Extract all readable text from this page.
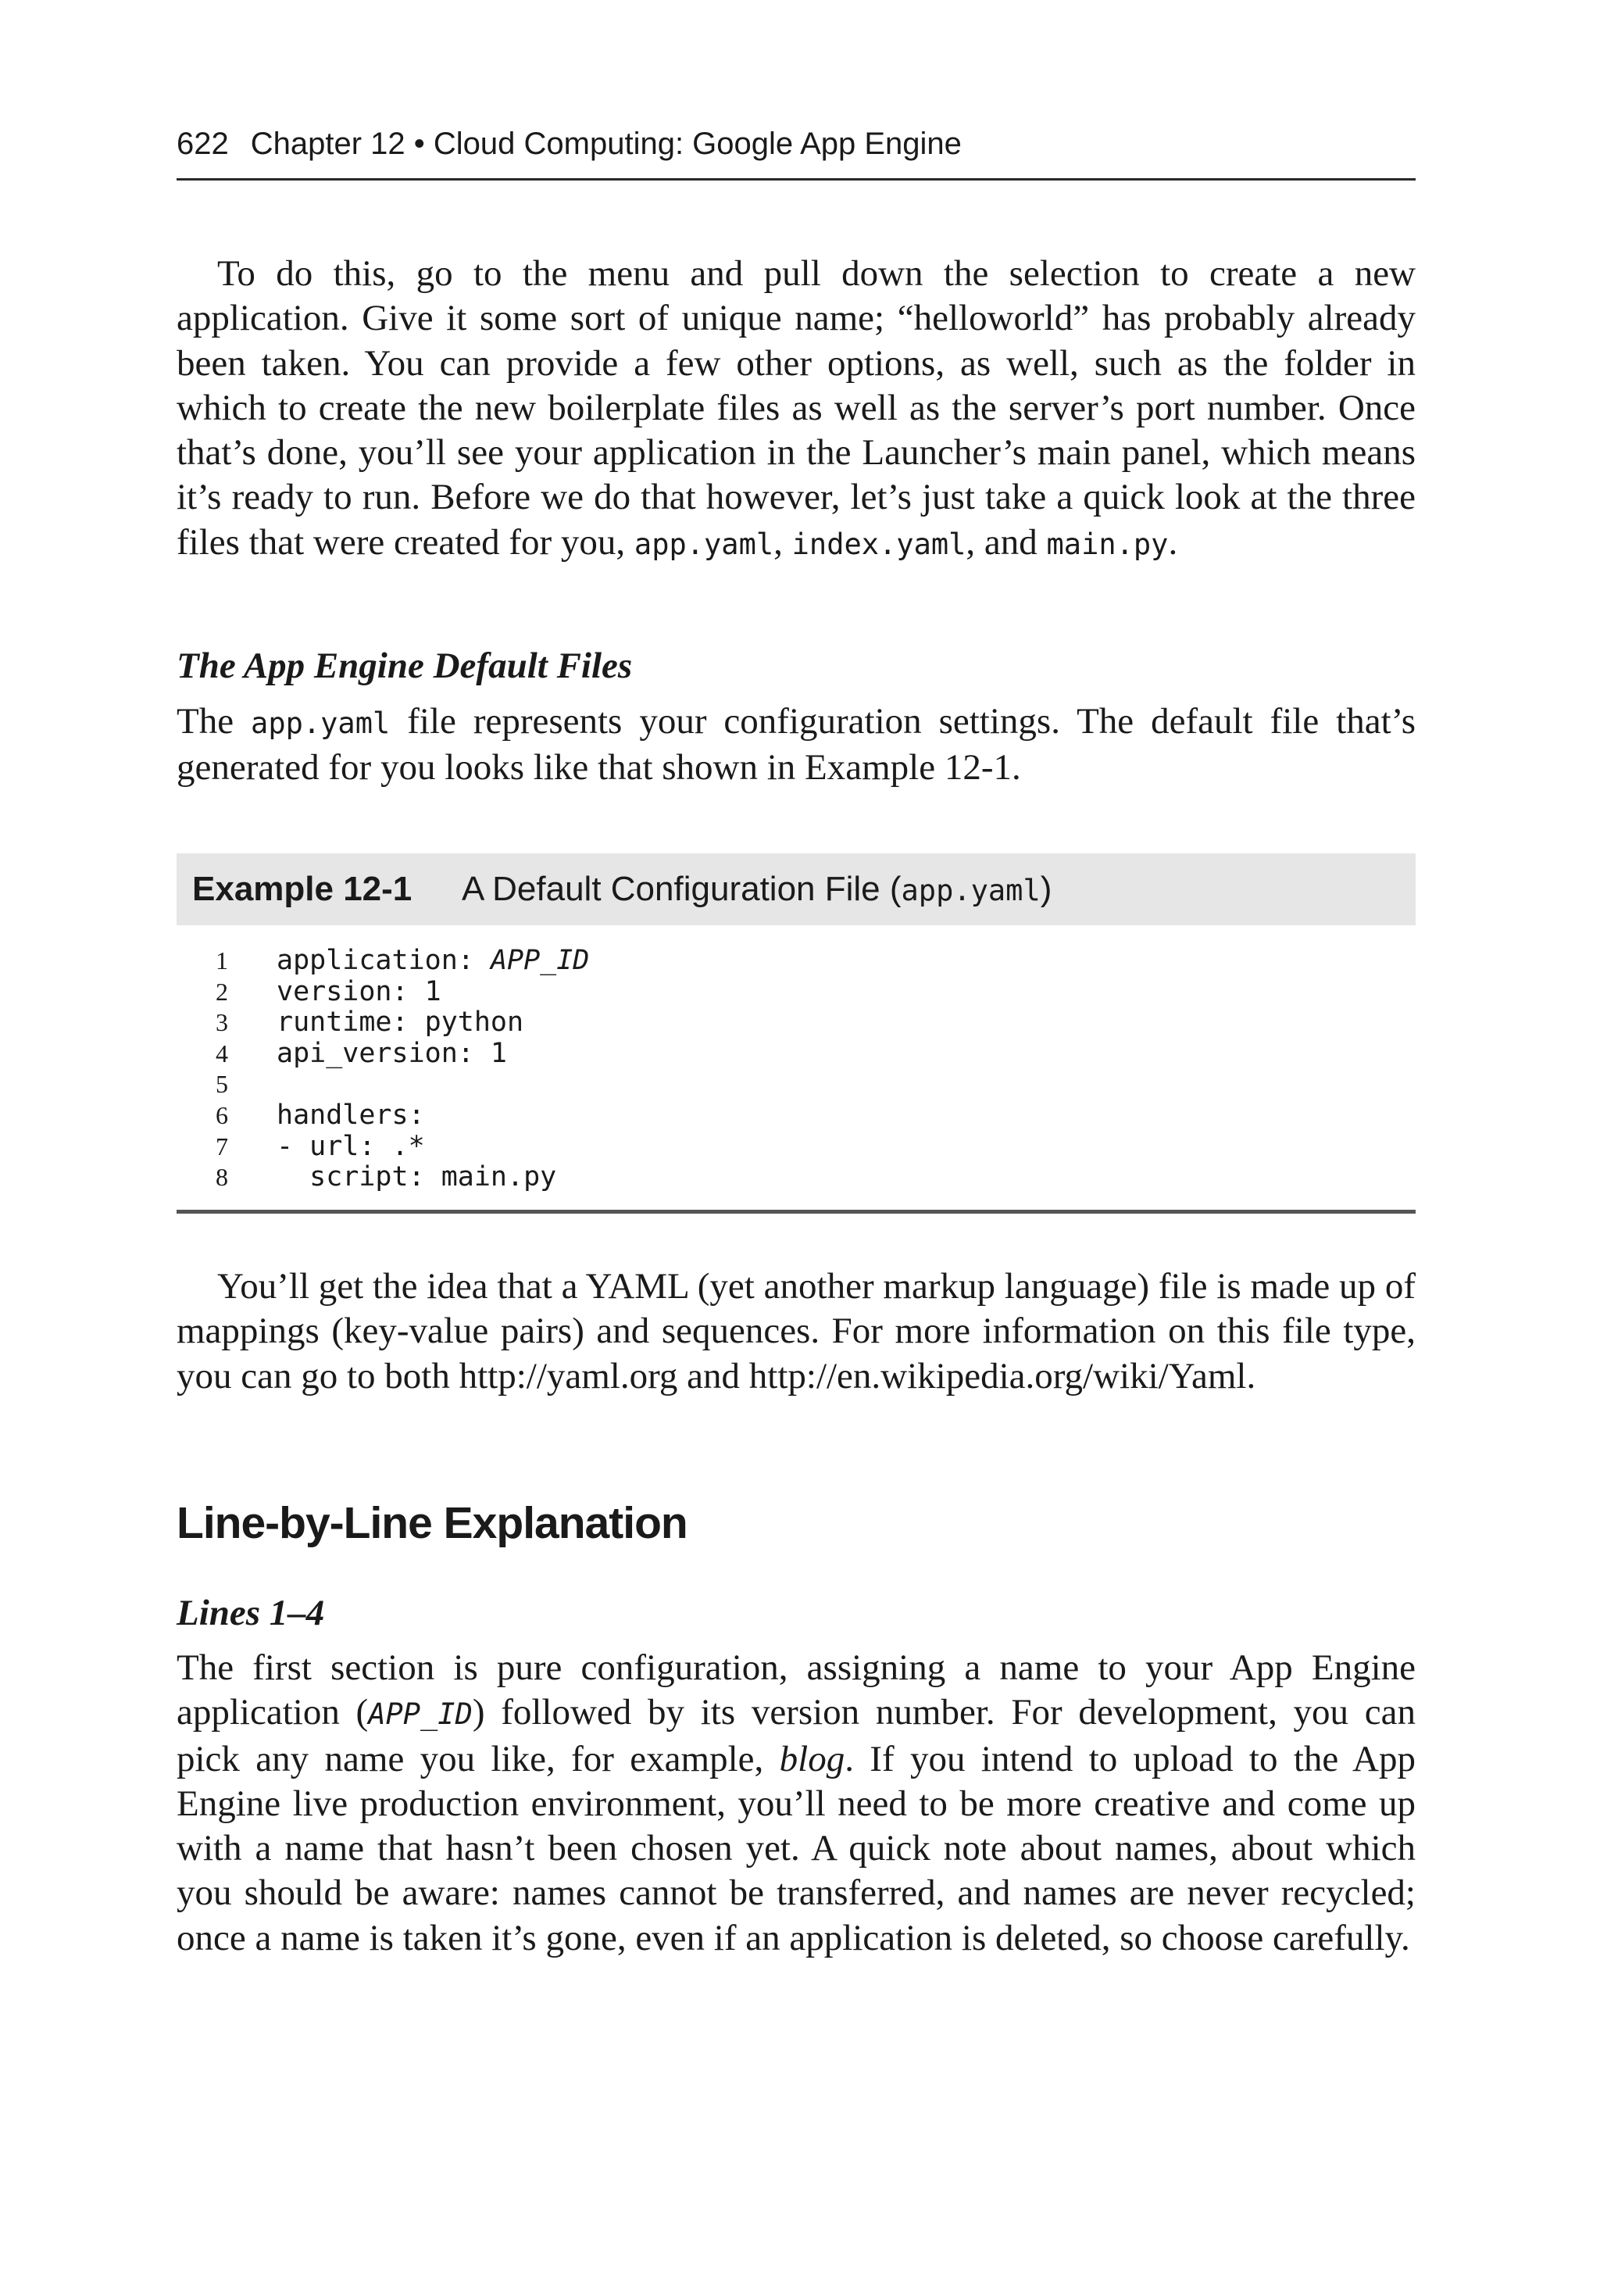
622 Chapter 12 • Cloud Computing: Google App Engine

To do this, go to the menu and pull down the selection to create a new application. Give it some sort of unique name; “helloworld” has probably already been taken. You can provide a few other options, as well, such as the folder in which to create the new boilerplate files as well as the server’s port number. Once that’s done, you’ll see your application in the Launcher’s main panel, which means it’s ready to run. Before we do that however, let’s just take a quick look at the three files that were created for you, app.yaml, index.yaml, and main.py.

The App Engine Default Files

The app.yaml file represents your configuration settings. The default file that’s generated for you looks like that shown in Example 12-1.

Example 12-1 A Default Configuration File (app.yaml)
1 application: APP_ID
2 version: 1
3 runtime: python
4 api_version: 1
5
6 handlers:
7 - url: .*
8  script: main.py

You’ll get the idea that a YAML (yet another markup language) file is made up of mappings (key-value pairs) and sequences. For more information on this file type, you can go to both http://yaml.org and http://en.wikipedia.org/wiki/Yaml.

Line-by-Line Explanation
Lines 1–4

The first section is pure configuration, assigning a name to your App Engine application (APP_ID) followed by its version number. For development, you can pick any name you like, for example, blog. If you intend to upload to the App Engine live production environment, you’ll need to be more creative and come up with a name that hasn’t been chosen yet. A quick note about names, about which you should be aware: names cannot be transferred, and names are never recycled; once a name is taken it’s gone, even if an application is deleted, so choose carefully.
